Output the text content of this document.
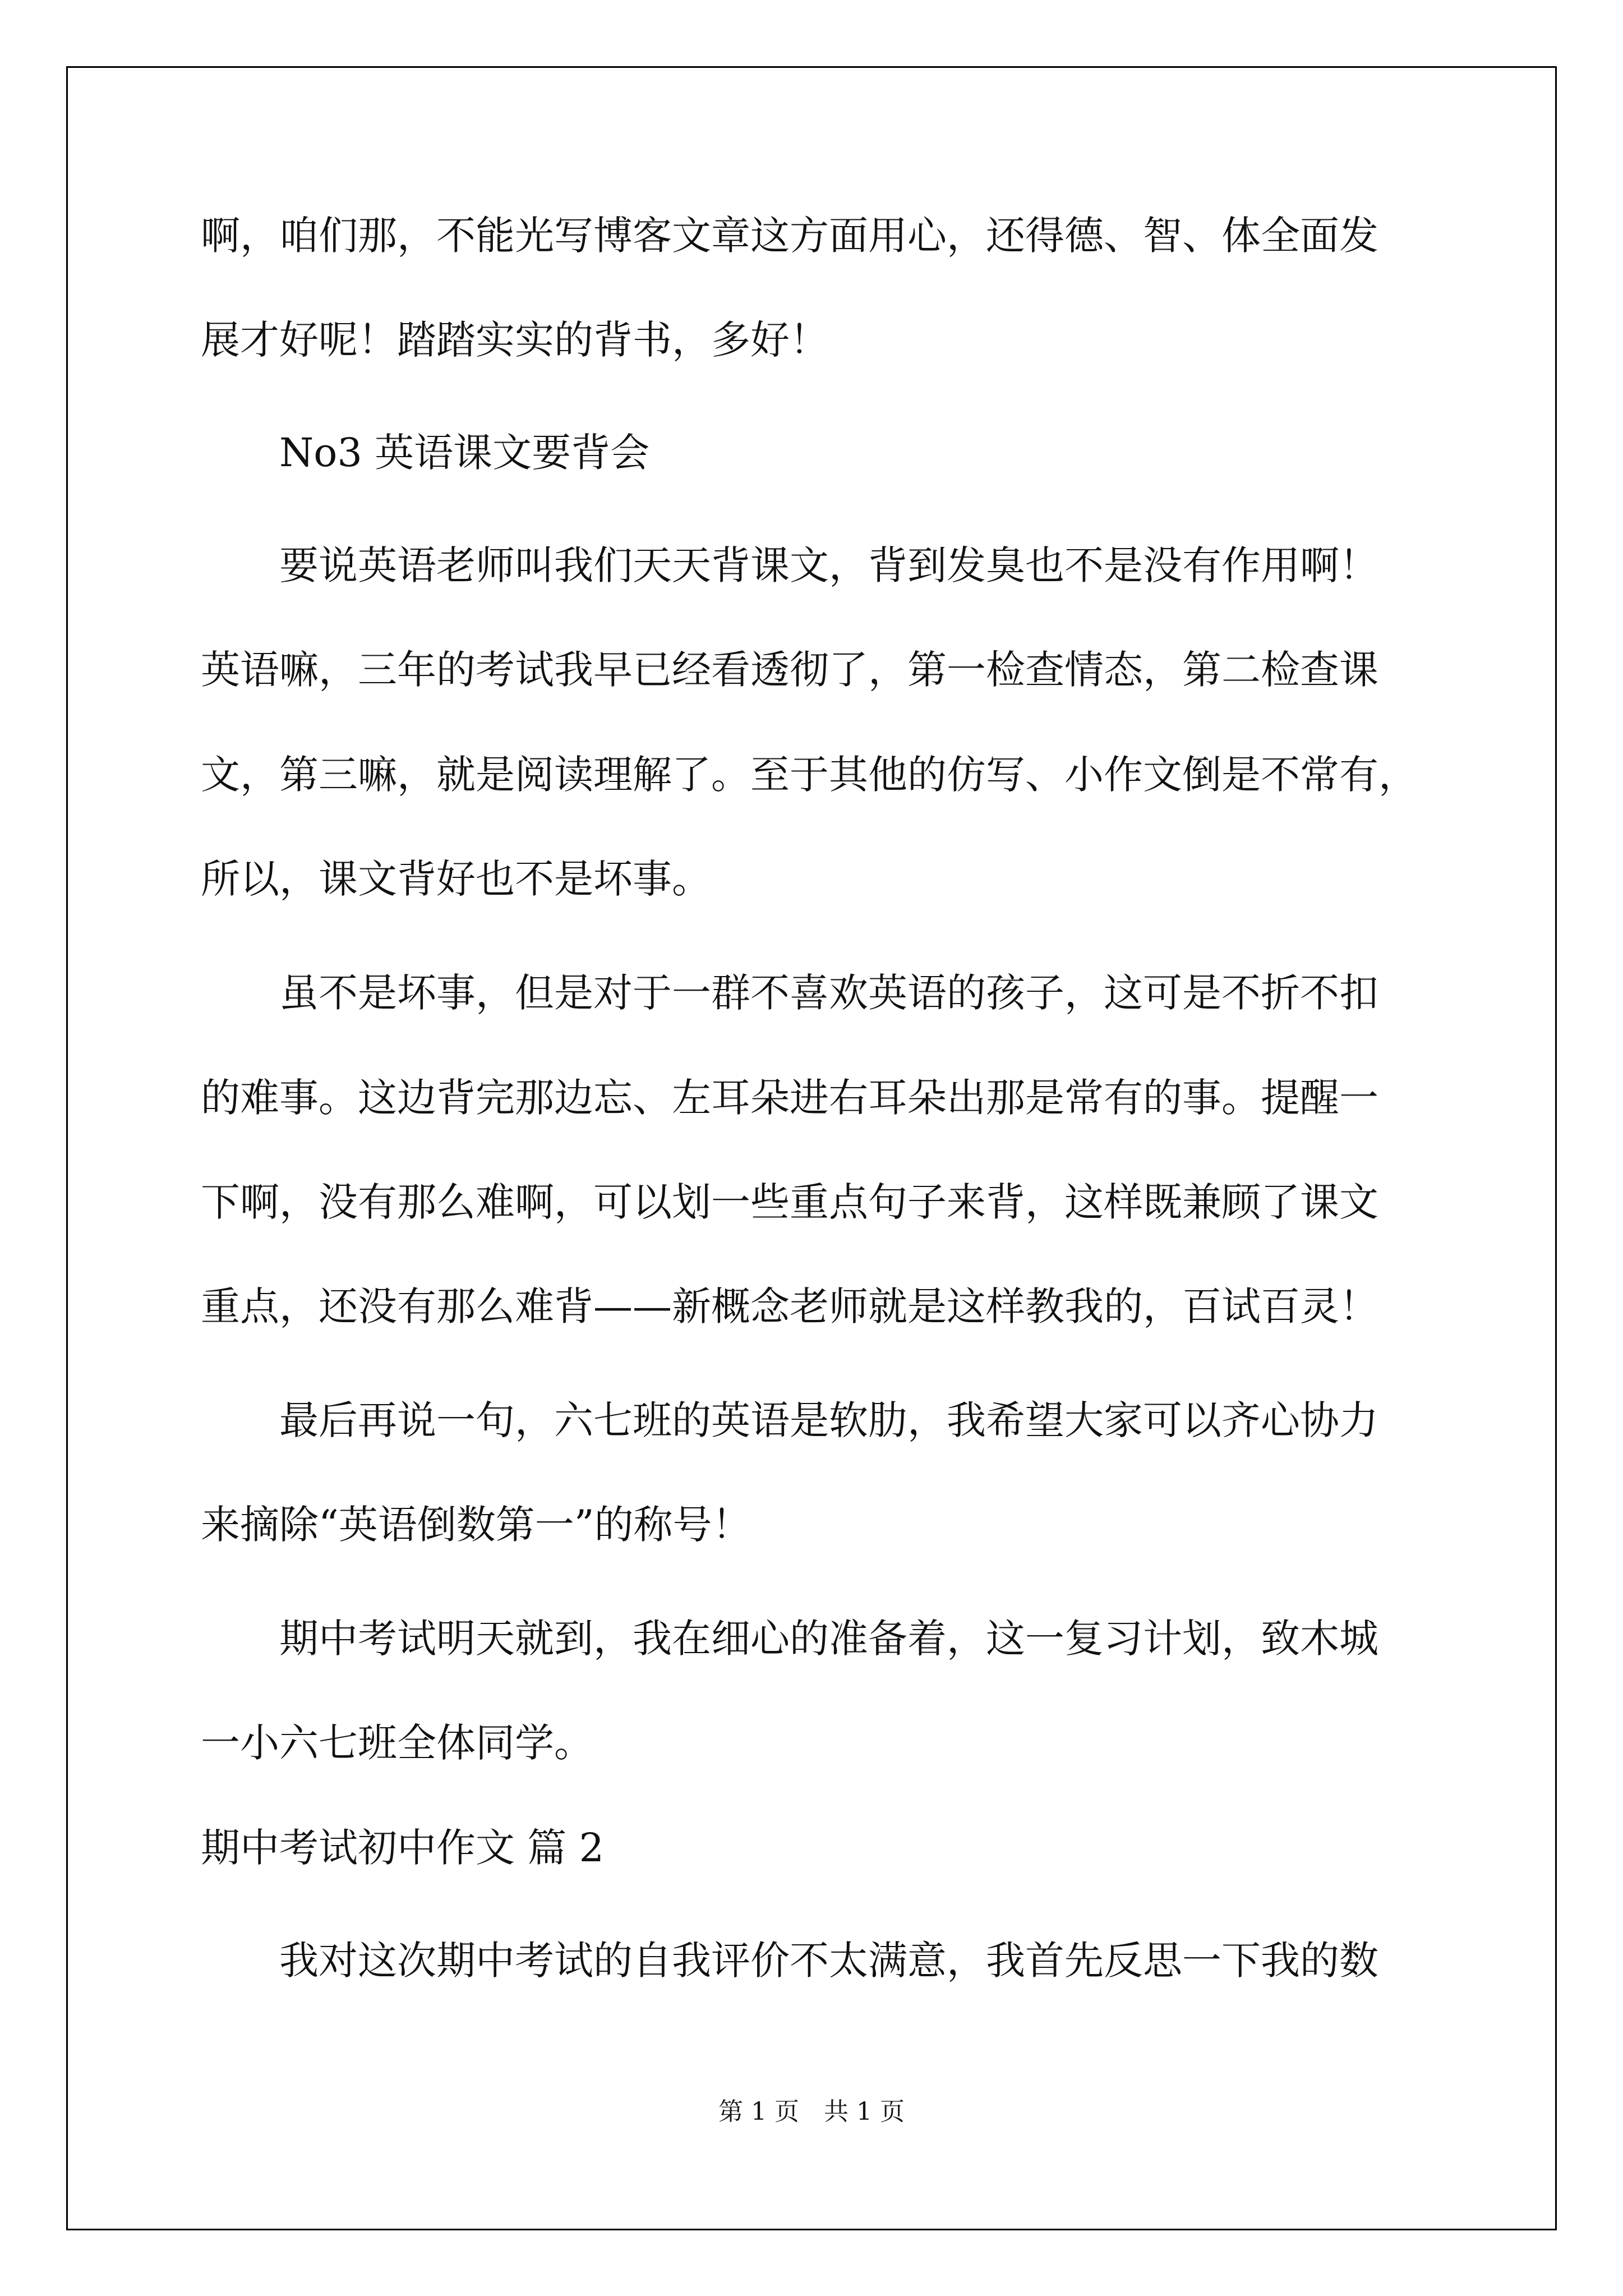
啊，咱们那，不能光写博客文章这方面用心，还得德、智、体全面发
展才好呢！踏踏实实的背书，多好！
No3 英语课文要背会
要说英语老师叫我们天天背课文，背到发臭也不是没有作用啊！
英语嘛，三年的考试我早已经看透彻了，第一检查情态，第二检查课
文，第三嘛，就是阅读理解了。至于其他的仿写、小作文倒是不常有，
所以，课文背好也不是坏事。
虽不是坏事，但是对于一群不喜欢英语的孩子，这可是不折不扣
的难事。这边背完那边忘、左耳朵进右耳朵出那是常有的事。提醒一
下啊，没有那么难啊，可以划一些重点句子来背，这样既兼顾了课文
重点，还没有那么难背——新概念老师就是这样教我的，百试百灵！
最后再说一句，六七班的英语是软肋，我希望大家可以齐心协力
来摘除“英语倒数第一”的称号！
期中考试明天就到，我在细心的准备着，这一复习计划，致木城
一小六七班全体同学。
期中考试初中作文 篇 2
我对这次期中考试的自我评价不太满意，我首先反思一下我的数
第 1 页　共 1 页
